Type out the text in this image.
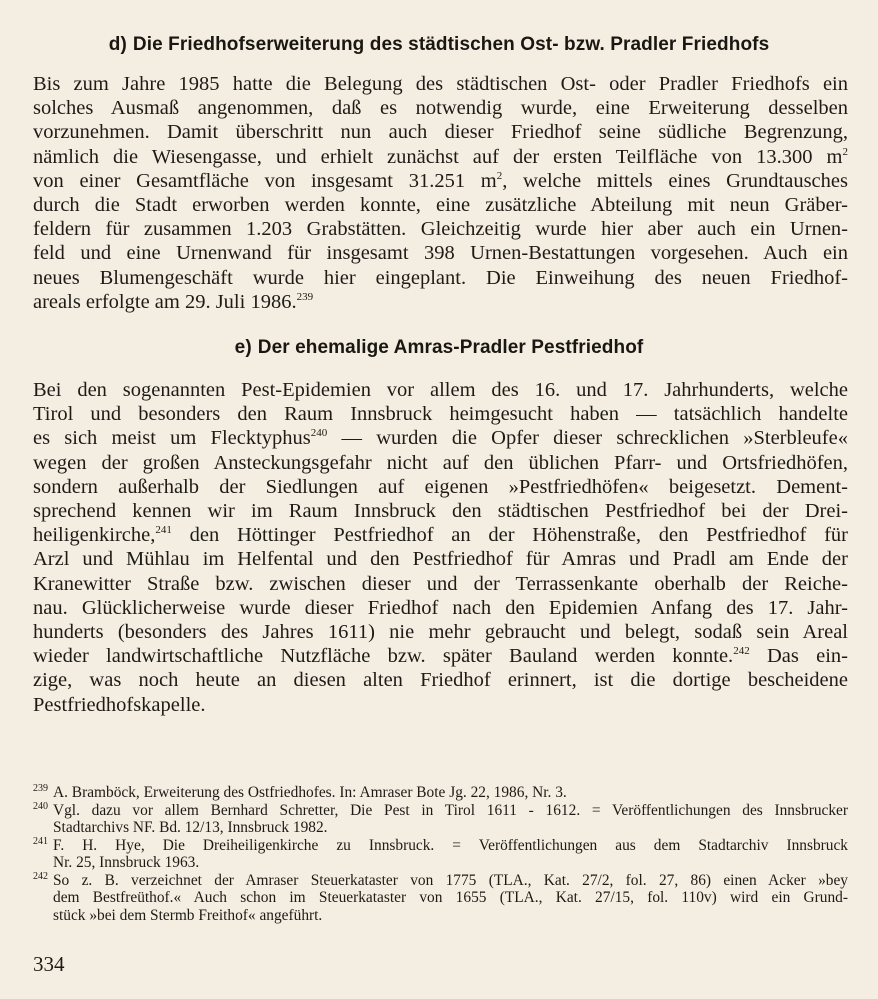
d) Die Friedhofserweiterung des städtischen Ost- bzw. Pradler Friedhofs
Bis zum Jahre 1985 hatte die Belegung des städtischen Ost- oder Pradler Friedhofs ein
solches Ausmaß angenommen, daß es notwendig wurde, eine Erweiterung desselben
vorzunehmen. Damit überschritt nun auch dieser Friedhof seine südliche Begrenzung,
nämlich die Wiesengasse, und erhielt zunächst auf der ersten Teilfläche von 13.300 $m^2$
von einer Gesamtfläche von insgesamt 31.251 $m^2$, welche mittels eines Grundtausches
durch die Stadt erworben werden konnte, eine zusätzliche Abteilung mit neun Gräber-
feldern für zusammen 1.203 Grabstätten. Gleichzeitig wurde hier aber auch ein Urnen-
feld und eine Urnenwand für insgesamt 398 Urnen-Bestattungen vorgesehen. Auch ein
neues Blumengeschäft wurde hier eingeplant. Die Einweihung des neuen Friedhof-
areals erfolgte am 29. Juli 1986.$^{239}$
e) Der ehemalige Amras-Pradler Pestfriedhof
Bei den sogenannten Pest-Epidemien vor allem des 16. und 17. Jahrhunderts, welche
Tirol und besonders den Raum Innsbruck heimgesucht haben — tatsächlich handelte
es sich meist um Flecktyphus$^{240}$ — wurden die Opfer dieser schrecklichen »Sterbleufe«
wegen der großen Ansteckungsgefahr nicht auf den üblichen Pfarr- und Ortsfriedhöfen,
sondern außerhalb der Siedlungen auf eigenen »Pestfriedhöfen« beigesetzt. Dement-
sprechend kennen wir im Raum Innsbruck den städtischen Pestfriedhof bei der Drei-
heiligenkirche,$^{241}$ den Höttinger Pestfriedhof an der Höhenstraße, den Pestfriedhof für
Arzl und Mühlau im Helfental und den Pestfriedhof für Amras und Pradl am Ende der
Kranewitter Straße bzw. zwischen dieser und der Terrassenkante oberhalb der Reiche-
nau. Glücklicherweise wurde dieser Friedhof nach den Epidemien Anfang des 17. Jahr-
hunderts (besonders des Jahres 1611) nie mehr gebraucht und belegt, sodaß sein Areal
wieder landwirtschaftliche Nutzfläche bzw. später Bauland werden konnte.$^{242}$ Das ein-
zige, was noch heute an diesen alten Friedhof erinnert, ist die dortige bescheidene
Pestfriedhofskapelle.
239 A. Bramböck, Erweiterung des Ostfriedhofes. In: Amraser Bote Jg. 22, 1986, Nr. 3.
240 Vgl. dazu vor allem Bernhard Schretter, Die Pest in Tirol 1611 - 1612. = Veröffentlichungen des Innsbrucker
Stadtarchivs NF. Bd. 12/13, Innsbruck 1982.
241 F. H. Hye, Die Dreiheiligenkirche zu Innsbruck. = Veröffentlichungen aus dem Stadtarchiv Innsbruck
Nr. 25, Innsbruck 1963.
242 So z. B. verzeichnet der Amraser Steuerkataster von 1775 (TLA., Kat. 27/2, fol. 27, 86) einen Acker »bey
dem Bestfreüthof.« Auch schon im Steuerkataster von 1655 (TLA., Kat. 27/15, fol. 110v) wird ein Grund-
stück »bei dem Stermb Freithof« angeführt.
334
